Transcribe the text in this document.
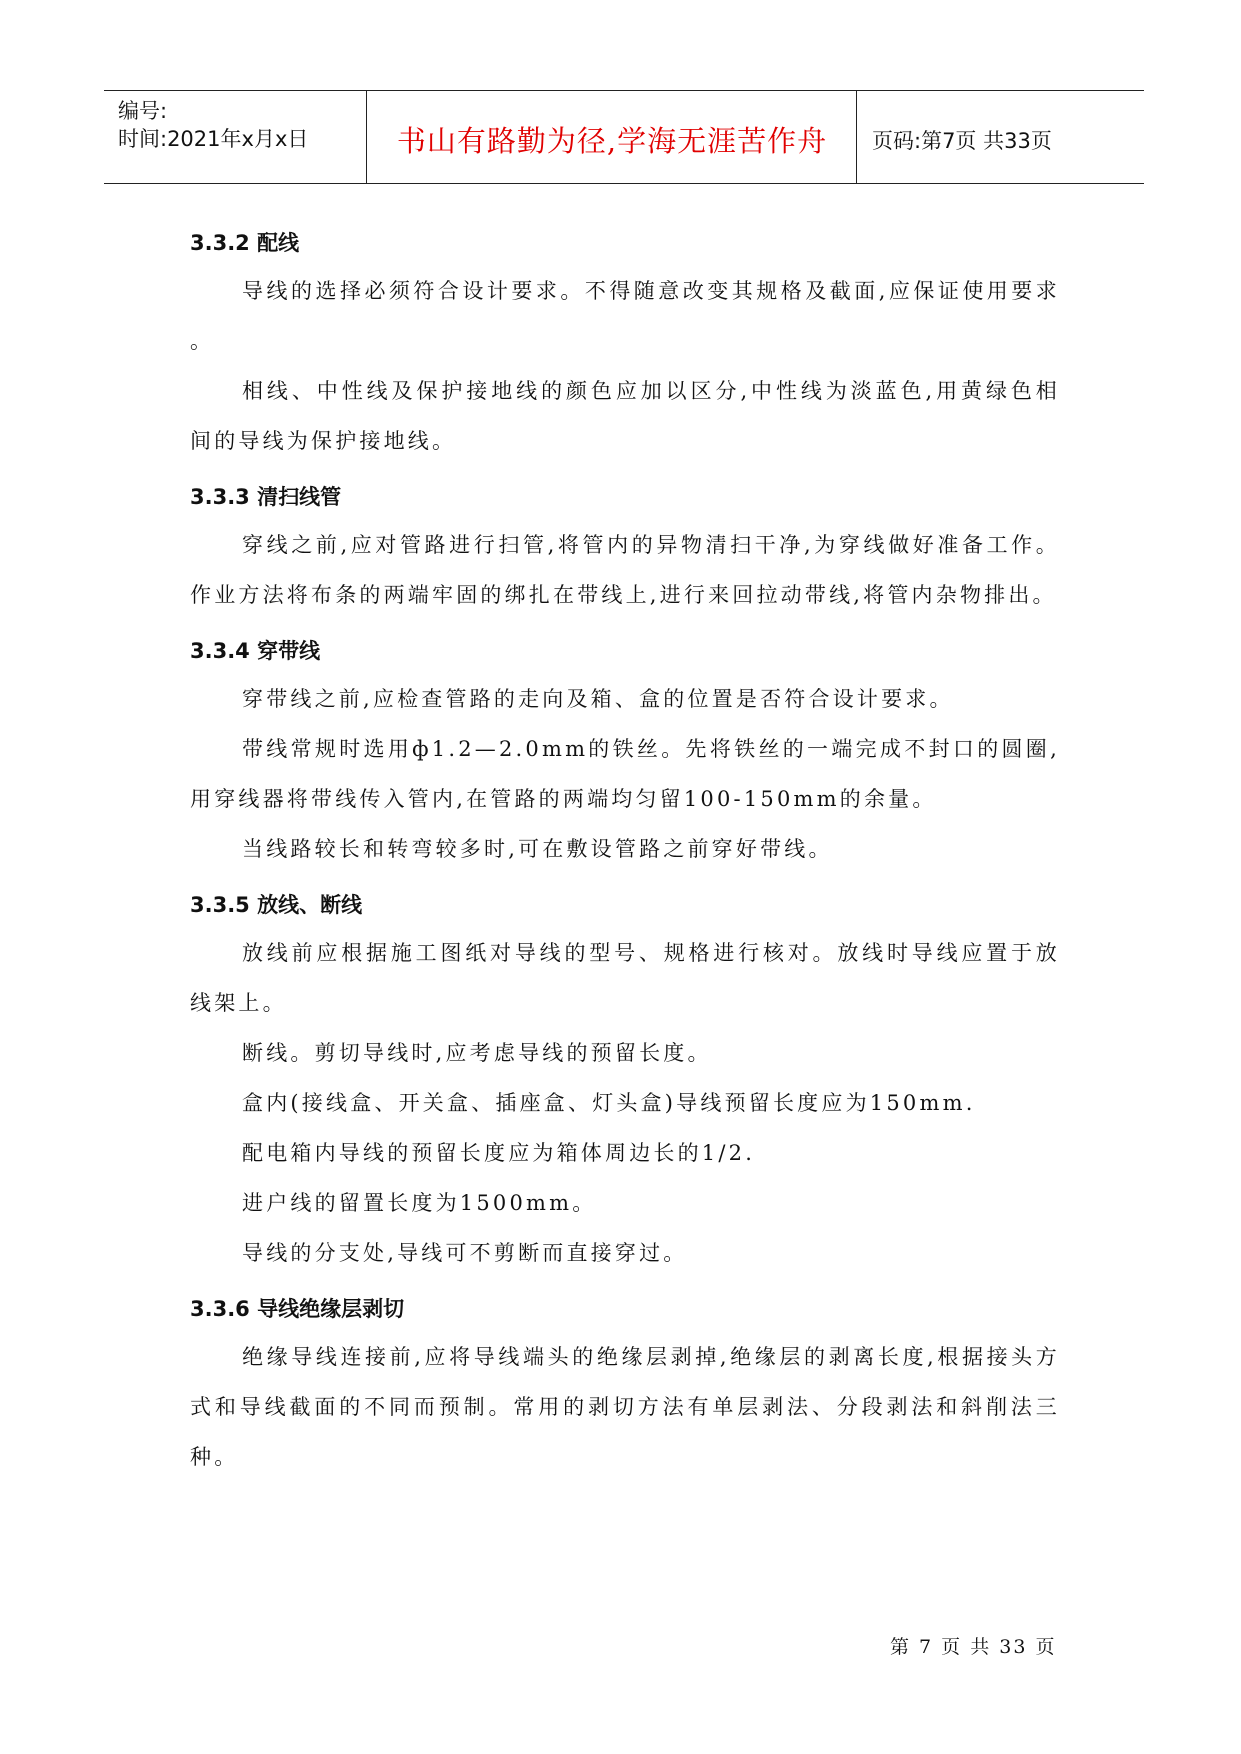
编号:
时间:2021年x月x日	书山有路勤为径,学海无涯苦作舟	页码:第7页 共33页
3.3.2 配线

导线的选择必须符合设计要求。不得随意改变其规格及截面,应保证使用要求 。

相线、中性线及保护接地线的颜色应加以区分,中性线为淡蓝色,用黄绿色相间的导线为保护接地线。

3.3.3 清扫线管

穿线之前,应对管路进行扫管,将管内的异物清扫干净,为穿线做好准备工作。作业方法将布条的两端牢固的绑扎在带线上,进行来回拉动带线,将管内杂物排出。

3.3.4 穿带线

穿带线之前,应检查管路的走向及箱、盒的位置是否符合设计要求。

带线常规时选用ф1.2—2.0mm的铁丝。先将铁丝的一端完成不封口的圆圈,用穿线器将带线传入管内,在管路的两端均匀留100-150mm的余量。

当线路较长和转弯较多时,可在敷设管路之前穿好带线。

3.3.5 放线、断线

放线前应根据施工图纸对导线的型号、规格进行核对。放线时导线应置于放线架上。

断线。剪切导线时,应考虑导线的预留长度。

盒内(接线盒、开关盒、插座盒、灯头盒)导线预留长度应为150mm.

配电箱内导线的预留长度应为箱体周边长的1/2.

进户线的留置长度为1500mm。

导线的分支处,导线可不剪断而直接穿过。

3.3.6 导线绝缘层剥切

绝缘导线连接前,应将导线端头的绝缘层剥掉,绝缘层的剥离长度,根据接头方式和导线截面的不同而预制。常用的剥切方法有单层剥法、分段剥法和斜削法三种。

第 7 页 共 33 页
